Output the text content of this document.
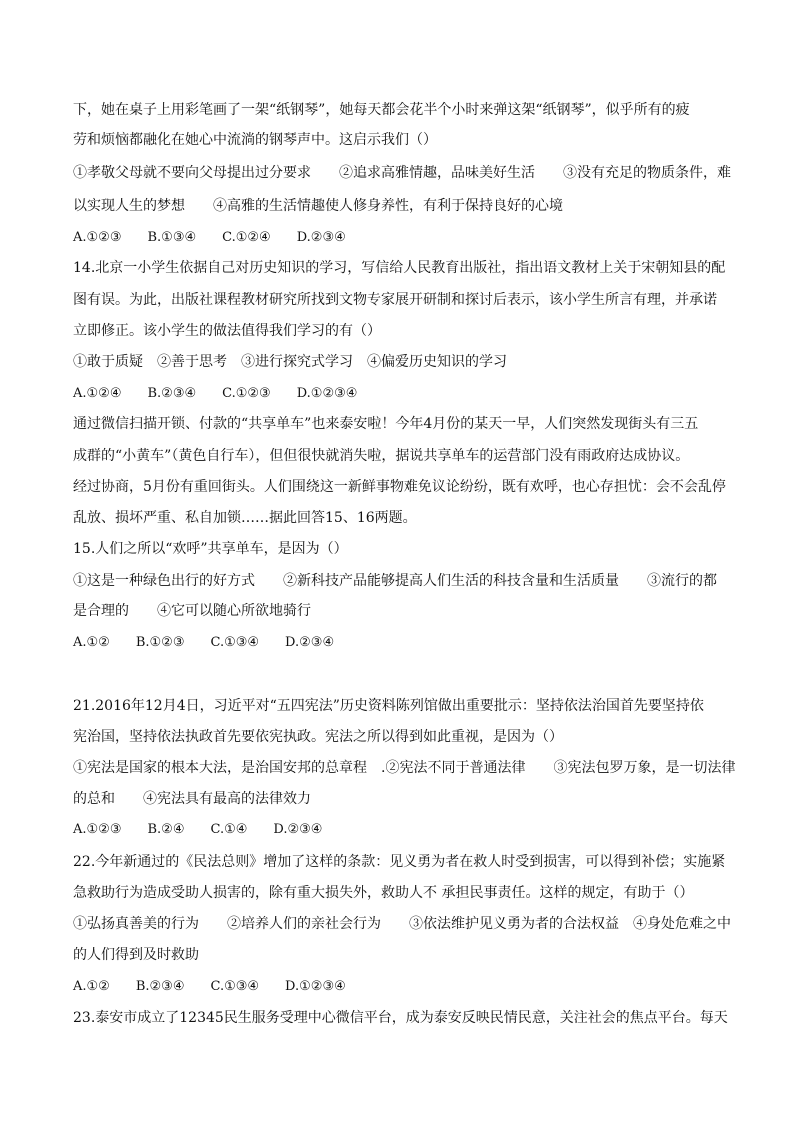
下，她在桌子上用彩笔画了一架“纸钢琴”，她每天都会花半个小时来弹这架“纸钢琴”，似乎所有的疲
劳和烦恼都融化在她心中流淌的钢琴声中。这启示我们（）
①孝敬父母就不要向父母提出过分要求　　②追求高雅情趣，品味美好生活　　③没有充足的物质条件，难
以实现人生的梦想　　④高雅的生活情趣使人修身养性，有利于保持良好的心境
A.①②③　　B.①③④　　C.①②④　　D.②③④
14.北京一小学生依据自己对历史知识的学习，写信给人民教育出版社，指出语文教材上关于宋朝知县的配
图有误。为此，出版社课程教材研究所找到文物专家展开研制和探讨后表示，该小学生所言有理，并承诺
立即修正。该小学生的做法值得我们学习的有（）
①敢于质疑　②善于思考　③进行探究式学习　④偏爱历史知识的学习
A.①②④　　B.②③④　　C.①②③　　D.①②③④
通过微信扫描开锁、付款的“共享单车”也来泰安啦！今年4月份的某天一早，人们突然发现街头有三五
成群的“小黄车”（黄色自行车），但但很快就消失啦，据说共享单车的运营部门没有雨政府达成协议。
经过协商，5月份有重回街头。人们围绕这一新鲜事物难免议论纷纷，既有欢呼，也心存担忧：会不会乱停
乱放、损坏严重、私自加锁……据此回答15、16两题。
15.人们之所以“欢呼”共享单车，是因为（）
①这是一种绿色出行的好方式　　②新科技产品能够提高人们生活的科技含量和生活质量　　③流行的都
是合理的　　④它可以随心所欲地骑行
A.①②　　B.①②③　　C.①③④　　D.②③④
21.2016年12月4日，习近平对“五四宪法”历史资料陈列馆做出重要批示：坚持依法治国首先要坚持依
宪治国，坚持依法执政首先要依宪执政。宪法之所以得到如此重视，是因为（）
①宪法是国家的根本大法，是治国安邦的总章程　.②宪法不同于普通法律　　③宪法包罗万象，是一切法律
的总和　　④宪法具有最高的法律效力
A.①②③　　B.②④　　C.①④　　D.②③④
22.今年新通过的《民法总则》增加了这样的条款：见义勇为者在救人时受到损害，可以得到补偿；实施紧
急救助行为造成受助人损害的，除有重大损失外，救助人不 承担民事责任。这样的规定，有助于（）
①弘扬真善美的行为　　②培养人们的亲社会行为　　③依法维护见义勇为者的合法权益　④身处危难之中
的人们得到及时救助
A.①②　　B.②③④　　C.①③④　　D.①②③④
23.泰安市成立了12345民生服务受理中心微信平台，成为泰安反映民情民意，关注社会的焦点平台。每天
